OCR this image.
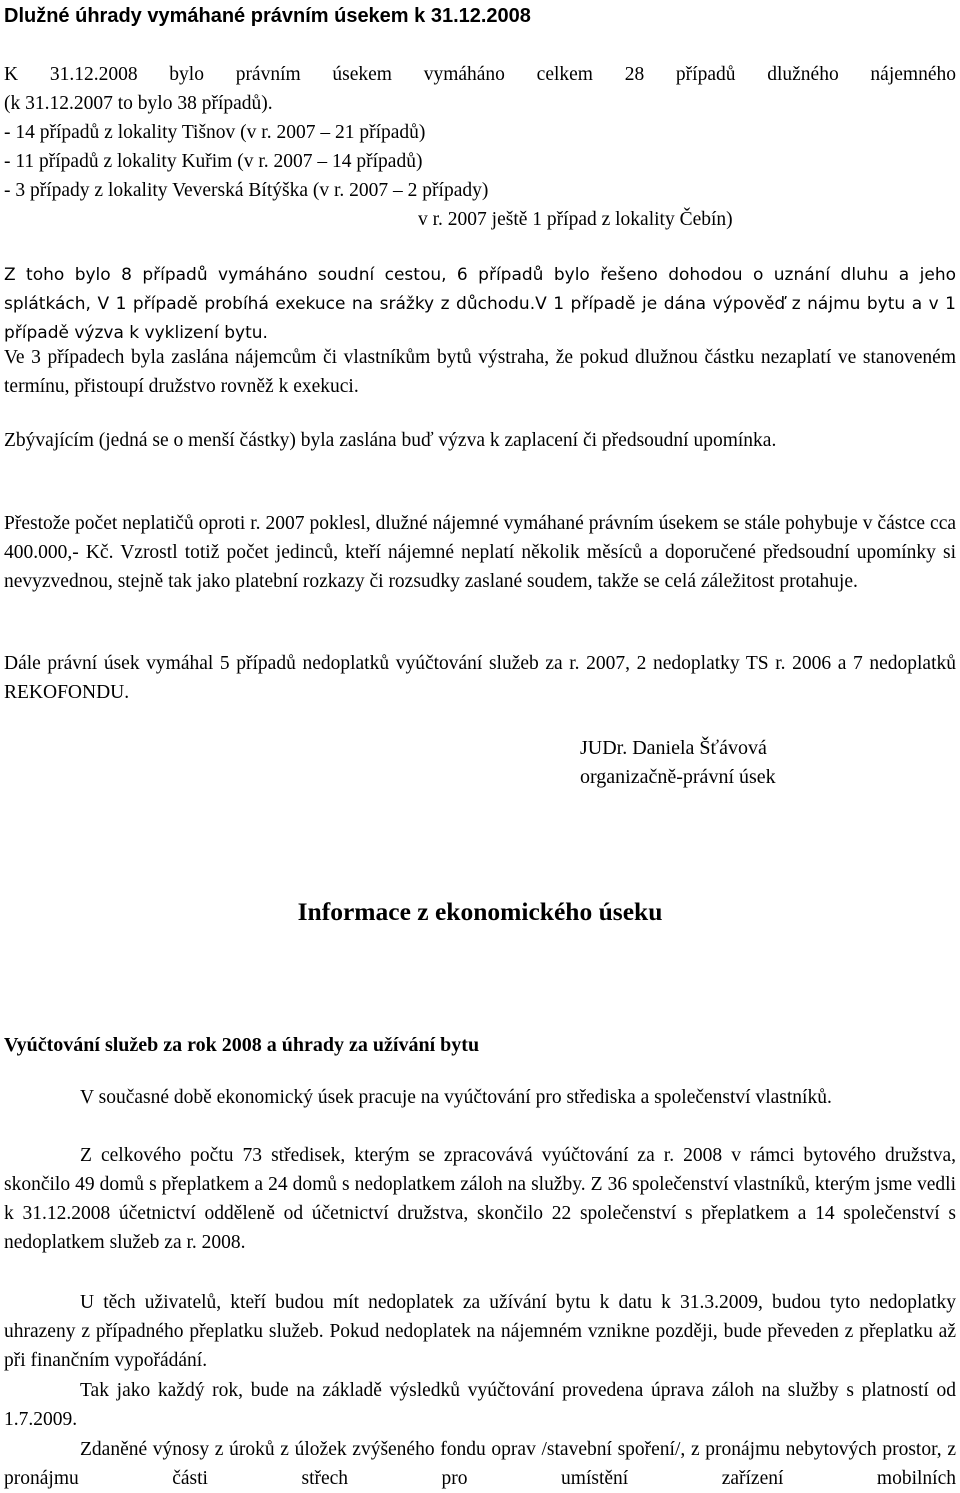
Dlužné úhrady vymáhané právním úsekem k 31.12.2008
K 31.12.2008 bylo právním úsekem vymáháno celkem 28 případů dlužného nájemného
(k 31.12.2007 to bylo 38 případů).
- 14 případů z lokality Tišnov (v r. 2007 – 21 případů)
- 11 případů z lokality Kuřim (v r. 2007 – 14 případů)
- 3 případy z lokality Veverská Bítýška (v r. 2007 – 2 případy)
v r. 2007 ještě 1 případ z lokality Čebín)
Z toho bylo 8 případů vymáháno soudní cestou, 6 případů bylo řešeno dohodou o uznání dluhu a jeho splátkách, V 1 případě probíhá exekuce na srážky z důchodu.V 1 případě je dána výpověď z nájmu bytu a v 1 případě výzva k vyklizení bytu.
Ve 3 případech byla zaslána nájemcům či vlastníkům bytů výstraha, že pokud dlužnou částku nezaplatí ve stanoveném termínu, přistoupí družstvo rovněž k exekuci.
Zbývajícím (jedná se o menší částky) byla zaslána buď výzva k zaplacení či předsoudní upomínka.
Přestože počet neplatičů oproti r. 2007 poklesl, dlužné nájemné vymáhané právním úsekem se stále pohybuje v částce cca 400.000,- Kč. Vzrostl totiž počet jedinců, kteří nájemné neplatí několik měsíců a doporučené předsoudní upomínky si nevyzvednou, stejně tak jako platební rozkazy či rozsudky zaslané soudem, takže se celá záležitost protahuje.
Dále právní úsek vymáhal 5 případů nedoplatků vyúčtování služeb za r. 2007, 2 nedoplatky TS r. 2006 a 7 nedoplatků REKOFONDU.
JUDr. Daniela Šťávová
organizačně-právní úsek
Informace z ekonomického úseku
Vyúčtování služeb za rok 2008 a úhrady za užívání bytu
V současné době ekonomický úsek pracuje na vyúčtování pro střediska a společenství vlastníků.
Z celkového počtu 73 středisek, kterým se zpracovává vyúčtování za r. 2008 v rámci bytového družstva, skončilo 49 domů s přeplatkem a 24 domů s nedoplatkem záloh na služby. Z 36 společenství vlastníků, kterým jsme vedli k 31.12.2008 účetnictví odděleně od účetnictví družstva, skončilo 22 společenství s přeplatkem a 14 společenství s nedoplatkem služeb za r. 2008.
U těch uživatelů, kteří budou mít nedoplatek za užívání bytu k datu k 31.3.2009, budou tyto nedoplatky uhrazeny z případného přeplatku služeb. Pokud nedoplatek na nájemném vznikne později, bude převeden z přeplatku až při finančním vypořádání.
Tak jako každý rok, bude na základě výsledků vyúčtování provedena úprava záloh na služby s platností od 1.7.2009.
Zdaněné výnosy z úroků z úložek zvýšeného fondu oprav /stavební spoření/, z pronájmu nebytových prostor, z pronájmu části střech pro umístění zařízení mobilních
